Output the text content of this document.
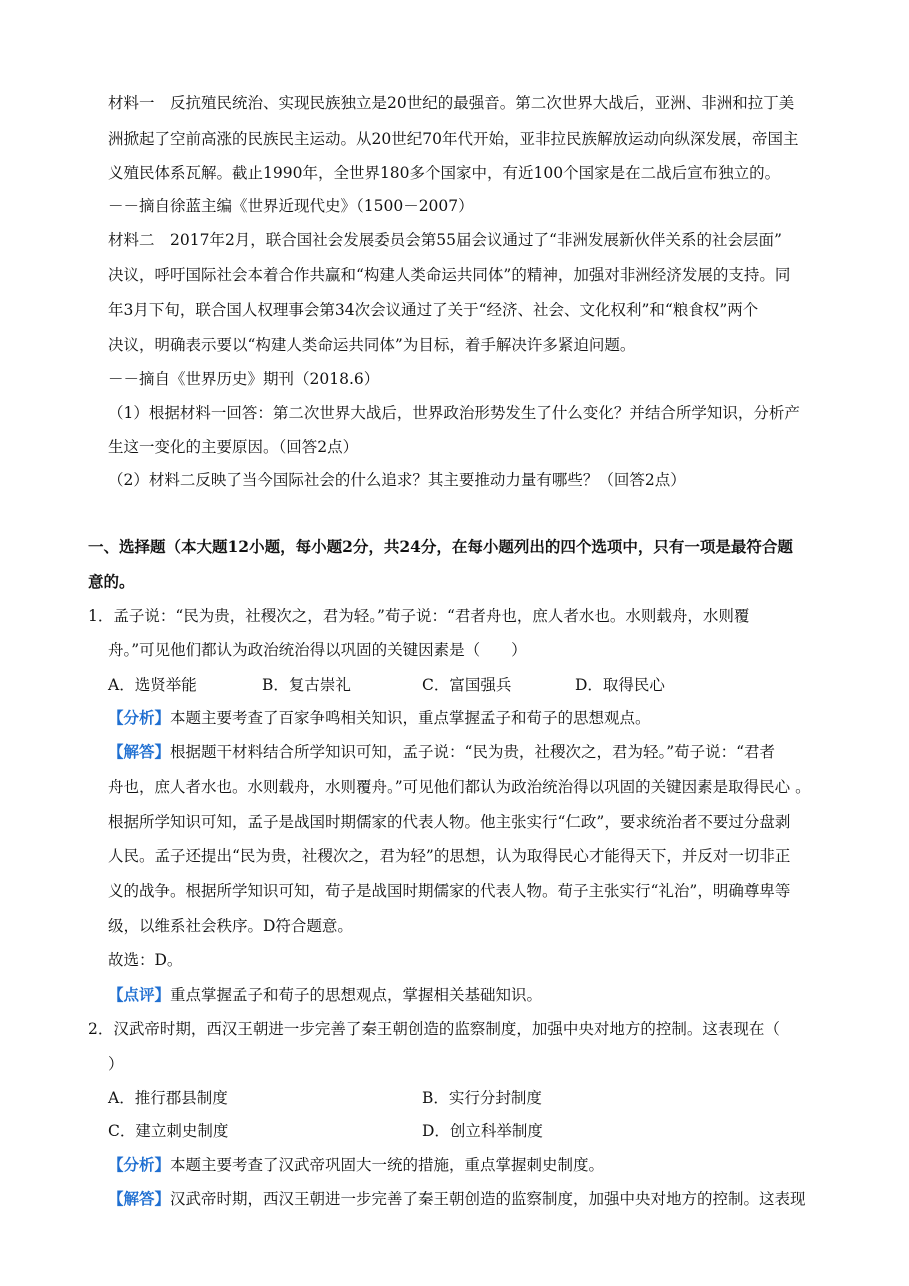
材料一　反抗殖民统治、实现民族独立是20世纪的最强音。第二次世界大战后，亚洲、非洲和拉丁美
洲掀起了空前高涨的民族民主运动。从20世纪70年代开始，亚非拉民族解放运动向纵深发展，帝国主
义殖民体系瓦解。截止1990年，全世界180多个国家中，有近100个国家是在二战后宣布独立的。
－－摘自徐蓝主编《世界近现代史》（1500－2007）
材料二　2017年2月，联合国社会发展委员会第55届会议通过了“非洲发展新伙伴关系的社会层面”
决议，呼吁国际社会本着合作共赢和“构建人类命运共同体”的精神，加强对非洲经济发展的支持。同
年3月下旬，联合国人权理事会第34次会议通过了关于“经济、社会、文化权利”和“粮食权”两个
决议，明确表示要以“构建人类命运共同体”为目标，着手解决许多紧迫问题。
－－摘自《世界历史》期刊（2018.6）
（1）根据材料一回答：第二次世界大战后，世界政治形势发生了什么变化？并结合所学知识，分析产
生这一变化的主要原因。（回答2点）
（2）材料二反映了当今国际社会的什么追求？其主要推动力量有哪些？（回答2点）
一、选择题（本大题12小题，每小题2分，共24分，在每小题列出的四个选项中，只有一项是最符合题
意的。
1．孟子说：“民为贵，社稷次之，君为轻。”荀子说：“君者舟也，庶人者水也。水则载舟，水则覆
舟。”可见他们都认为政治统治得以巩固的关键因素是（　　）
A．选贤举能	B．复古崇礼	C．富国强兵	D．取得民心
【分析】本题主要考查了百家争鸣相关知识，重点掌握孟子和荀子的思想观点。
【解答】根据题干材料结合所学知识可知，孟子说：“民为贵，社稷次之，君为轻。”荀子说：“君者
舟也，庶人者水也。水则载舟，水则覆舟。”可见他们都认为政治统治得以巩固的关键因素是取得民心 。
根据所学知识可知，孟子是战国时期儒家的代表人物。他主张实行“仁政”，要求统治者不要过分盘剥
人民。孟子还提出“民为贵，社稷次之，君为轻”的思想，认为取得民心才能得天下，并反对一切非正
义的战争。根据所学知识可知，荀子是战国时期儒家的代表人物。荀子主张实行“礼治”，明确尊卑等
级，以维系社会秩序。D符合题意。
故选：D。
【点评】重点掌握孟子和荀子的思想观点，掌握相关基础知识。
2．汉武帝时期，西汉王朝进一步完善了秦王朝创造的监察制度，加强中央对地方的控制。这表现在（
）
A．推行郡县制度	B．实行分封制度
C．建立刺史制度	D．创立科举制度
【分析】本题主要考查了汉武帝巩固大一统的措施，重点掌握刺史制度。
【解答】汉武帝时期，西汉王朝进一步完善了秦王朝创造的监察制度，加强中央对地方的控制。这表现
